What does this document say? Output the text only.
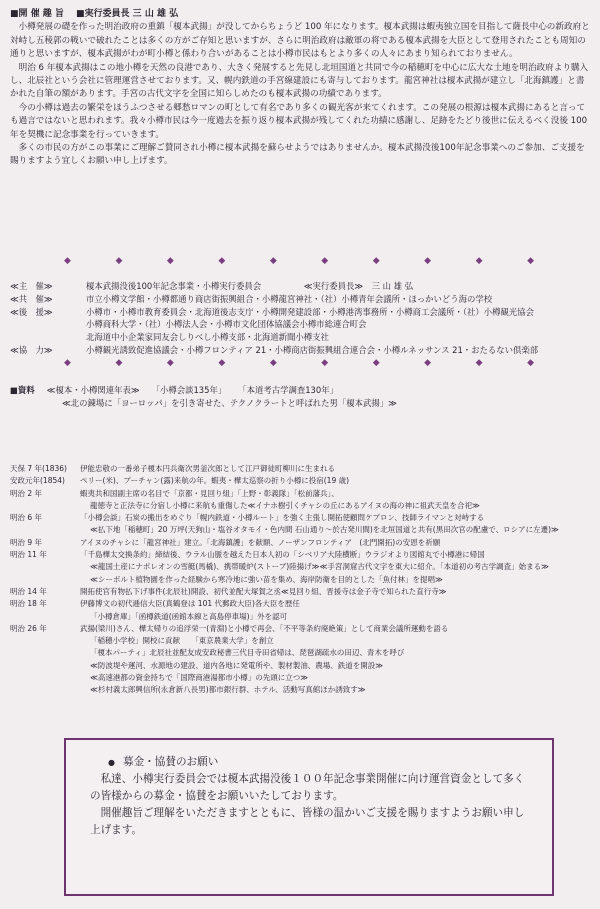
■開 催 趣 旨　 ■実行委員長 三 山 雄 弘

小樽発展の礎を作った明治政府の重鎮「榎本武揚」が没してからちょうど 100 年になります。榎本武揚は蝦夷独立国を目指して薩長中心の新政府と対峙し五稜郭の戦いで破れたことは多くの方がご存知と思いますが、さらに明治政府は敵軍の将である榎本武揚を大臣として登用されたことも周知の通りと思いますが、榎本武揚がわが町小樽と係わり合いがあることは小樽市民はもとより多くの人々にあまり知られておりません。

明治 6 年榎本武揚はこの地小樽を天然の良港であり、大きく発展すると先見し北垣国道と共同で今の稲穂町を中心に広大な土地を明治政府より購入し、北辰社という会社に管理運営させております。又、幌内鉄道の手宮線建設にも寄与しております。龍宮神社は榎本武揚が建立し「北海鎮護」と書かれた自筆の額があります。手宮の古代文字を全国に知らしめたのも榎本武揚の功績であります。

今の小樽は過去の繁栄をほうふつさせる郷愁ロマンの町として有名であり多くの観光客が来てくれます。この発展の根源は榎本武揚にあると言っても過言ではないと思われます。我々小樽市民は今一度過去を振り返り榎本武揚が残してくれた功績に感謝し、足跡をたどり後世に伝えるべく没後 100 年を契機に記念事業を行っていきます。

多くの市民の方がこの事業にご理解ご賛同され小樽に榎本武揚を蘇らせようではありませんか。榎本武揚没後100年記念事業へのご参加、ご支援を賜りますよう宜しくお願い申し上げます。

◆	◆	◆	◆	◆	◆	◆	◆	◆	◆
≪主　催≫	榎本武揚没後100年記念事業・小樽実行委員会	≪実行委員長≫　三 山 雄 弘
≪共　催≫	市立小樽文学館・小樽都通り商店街振興組合・小樽龍宮神社・（社）小樽青年会議所・ほっかいどう海の学校
≪後　援≫	小樽市・小樽市教育委員会・北海道後志支庁・小樽開発建設部・小樽港湾事務所・小樽商工会議所・（社）小樽観光協会
小樽商科大学・（社）小樽法人会・小樽市文化団体協議会小樽市総連合町会
北海道中小企業家同友会しりべし小樽支部・北海道新聞小樽支社
≪協　力≫	小樽観光誘致促進協議会・小樽フロンティア 21・小樽商店街振興組合連合会・小樽ルネッサンス 21・おたるない倶楽部
◆	◆	◆	◆	◆	◆	◆	◆	◆	◆
■資料 ≪榎本・小樽関連年表≫ 「小樽会談135年」 「本道考古学調査130年」
≪北の錬場に「ヨーロッパ」を引き寄せた、テクノクラートと呼ばれた男「榎本武揚」≫
天保 7 年(1836)	伊能忠敬の一番弟子榎本円兵衛次男釜次郎として江戸御徒町柳川に生まれる
安政元年(1854)	ペリー(米)、プーチャン(露)来航の年。蝦夷・樺太巡察の折り小樽に投宿(19 歳)
明治 2 年	蝦夷共和国副主席の名目で「京都・見回り組」「上野・彰義隊」「松前藩兵」、
龍徳寺と正法寺に分宿し小樽に来航も重傷した≪イナホ樹引くチャシの丘にあるアイヌの海の神に祖武天皇を合祀≫
明治 6 年	「小樽会談」石炭の搬出をめぐり「幌内鉄道・小樽ルート」を強く主張し開拓使顧問ケプロン、技師ライマンと対峙する
≪払下地「稲穂町」20 万坪(天狗山・塩谷オタモイ・色内間 石山通り〜於古発川間)を北垣国道と共有(黒田次官の配慮で、ロシアに左遷)≫
明治 9 年	アイヌのチャシに「龍宮神社」建立。「北海鎮護」を献額、ノーザンフロンティア　(北門開拓)の安恩を祈願
明治 11 年	「千島樺太交換条約」締結後、ウラル山脈を越えた日本人初の「シベリア大陸横断」ウラジオより図館丸で小樽港に帰国
≪龍国土産にナポレオンの雪艇(馬橇)、携帯暖炉(ストーブ)陸揚げ≫≪手宮洞窟古代文字を東大に紹介。「本道初の考古学調査」始まる≫
≪シーボルト植物園を作った経験から寒冷地に強い苗を集め、海岸防衛を目的とした「魚付林」を提唱≫
明治 14 年	開拓使官有物払下げ事件(北辰社)開設、初代並配大塚賀之丞≪見回り組、晋援寺は金子寺で知られた直行寺≫
明治 18 年	伊藤博文の初代逓信大臣(真鶴登は 101 代郵政大臣)各大臣を歴任
「小樽倉庫」「函樽鉄道(函館本線と高島停車場)」外を認可
明治 26 年	武揚(梁川)さん、樺太帰りの追浮栄一(青淵)と小樽で再会、「不平等条約廃絶策」として商業会議所運動を語る
「稲穂小学校」開校に貢献　　「東京農業大学」を創立
「榎本パーティ」北辰社並配友成安政秘書三代目寺田省帰は、琵琶湖疏水の田辺、青木を呼び
≪防波堤や運河、水源地の建設、道内各地に発電所や、製材製油、農場、鉄道を開設≫
≪高速港都の資金持ちで「国際商港湯都市小樽」の先頭に立つ≫
≪杉村義太郎興信所(永倉新八長男)都市銀行群、ホテル、活動写真館ほか誘致す≫
● 募金・協賛のお願い

私達、小樽実行委員会では榎本武揚没後１００年記念事業開催に向け運営資金として多くの皆様からの募金・協賛をお願いいたしております。

開催趣旨ご理解をいただきますとともに、皆様の温かいご支援を賜りますようお願い申し上げます。
